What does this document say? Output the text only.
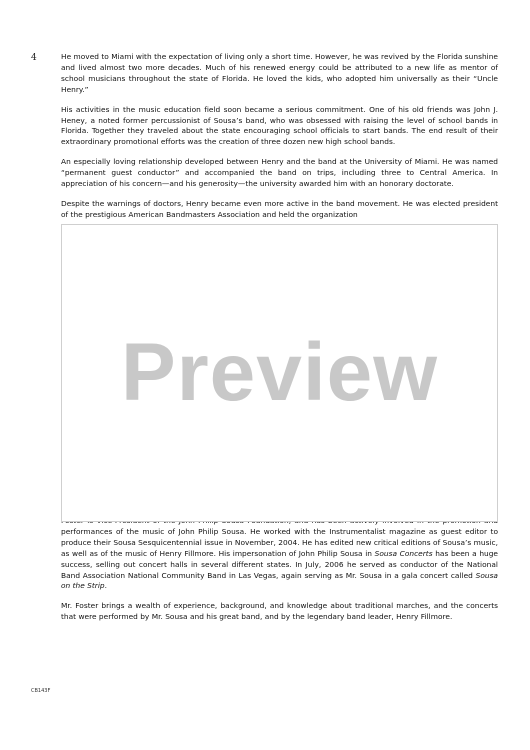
4	He moved to Miami with the expectation of living only a short time. However, he was revived by the Florida sunshine and lived almost two more decades. Much of his renewed energy could be attributed to a new life as mentor of school musicians throughout the state of Florida. He loved the kids, who adopted him universally as their “Uncle Henry.”

His activities in the music education field soon became a serious commitment. One of his old friends was John J. Heney, a noted former percussionist of Sousa’s band, who was obsessed with raising the level of school bands in Florida. Together they traveled about the state encouraging school officials to start bands. The end result of their extraordinary promotional efforts was the creation of three dozen new high school bands.

An especially loving relationship developed between Henry and the band at the University of Miami. He was named “permanent guest conductor” and accompanied the band on trips, including three to Central America. In appreciation of his concern—and his generosity—the university awarded him with an honorary doctorate.

Despite the warnings of doctors, Henry became even more active in the band movement. He was elected president of the prestigious American Bandmasters Association and held the organization

performances of the music of John Philip Sousa. He worked with the Instrumentalist magazine as guest editor to produce their Sousa Sesquicentennial issue in November, 2004. He has edited new critical editions of Sousa’s music, as well as of the music of Henry Fillmore. His impersonation of John Philip Sousa in Sousa Concerts has been a huge success, selling out concert halls in several different states. In July, 2006 he served as conductor of the National Band Association National Community Band in Las Vegas, again serving as Mr. Sousa in a gala concert called Sousa on the Strip.

Mr. Foster brings a wealth of experience, background, and knowledge about traditional marches, and the concerts that were performed by Mr. Sousa and his great band, and by the legendary band leader, Henry Fillmore.

Preview
CB143F
